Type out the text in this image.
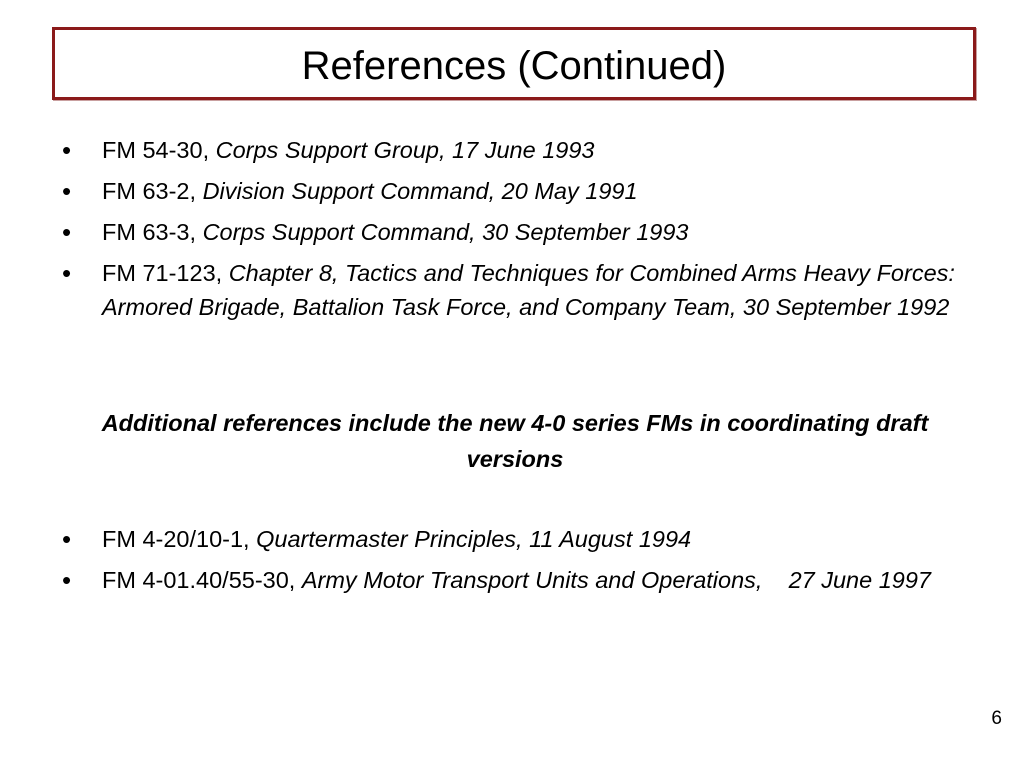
References (Continued)
•	FM 54-30, Corps Support Group, 17 June 1993
•	FM 63-2, Division Support Command, 20 May 1991
•	FM 63-3, Corps Support Command, 30 September 1993
•	FM 71-123, Chapter 8, Tactics and Techniques for Combined Arms Heavy Forces: Armored Brigade, Battalion Task Force, and Company Team, 30 September 1992
Additional references include the new 4-0 series FMs in coordinating draft versions
•	FM 4-20/10-1, Quartermaster Principles, 11 August 1994
•	FM 4-01.40/55-30, Army Motor Transport Units and Operations,    27 June 1997
6
